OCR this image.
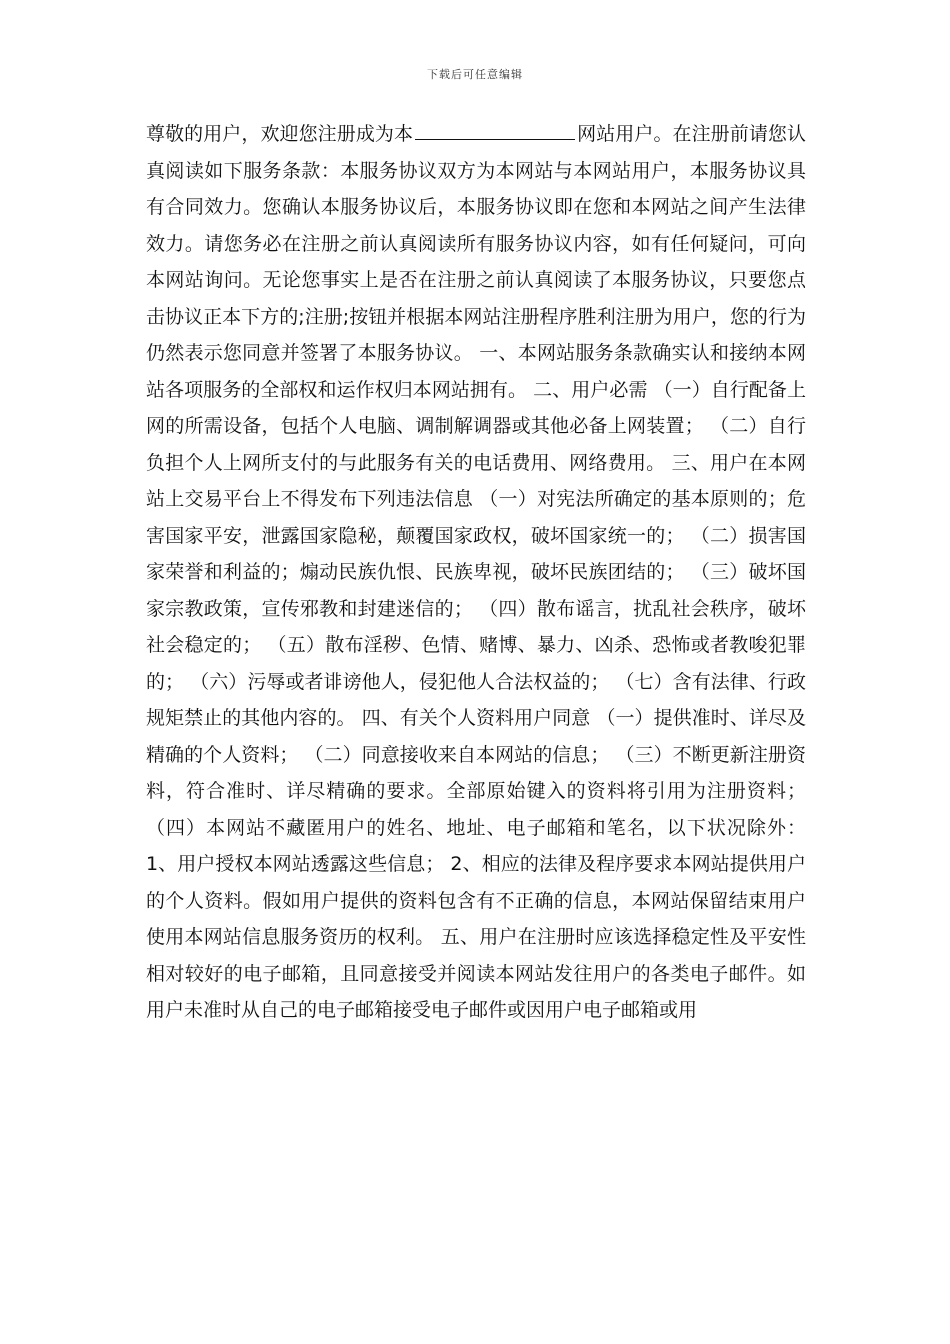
下载后可任意编辑
尊敬的用户，欢迎您注册成为本	网站用户。在注册前请您认真阅读如下服务条款：本服务协议双方为本网站与本网站用户，本服务协议具有合同效力。您确认本服务协议后，本服务协议即在您和本网站之间产生法律效力。请您务必在注册之前认真阅读所有服务协议内容，如有任何疑问，可向本网站询问。无论您事实上是否在注册之前认真阅读了本服务协议，只要您点击协议正本下方的;注册;按钮并根据本网站注册程序胜利注册为用户，您的行为仍然表示您同意并签署了本服务协议。 一、本网站服务条款确实认和接纳本网站各项服务的全部权和运作权归本网站拥有。 二、用户必需 （一）自行配备上网的所需设备，包括个人电脑、调制解调器或其他必备上网装置； （二）自行负担个人上网所支付的与此服务有关的电话费用、网络费用。 三、用户在本网站上交易平台上不得发布下列违法信息 （一）对宪法所确定的基本原则的；危害国家平安，泄露国家隐秘，颠覆国家政权，破坏国家统一的； （二）损害国家荣誉和利益的；煽动民族仇恨、民族卑视，破坏民族团结的； （三）破坏国家宗教政策，宣传邪教和封建迷信的； （四）散布谣言，扰乱社会秩序，破坏社会稳定的； （五）散布淫秽、色情、赌博、暴力、凶杀、恐怖或者教唆犯罪的； （六）污辱或者诽谤他人，侵犯他人合法权益的； （七）含有法律、行政规矩禁止的其他内容的。 四、有关个人资料用户同意 （一）提供准时、详尽及精确的个人资料； （二）同意接收来自本网站的信息； （三）不断更新注册资料，符合准时、详尽精确的要求。全部原始键入的资料将引用为注册资料； （四）本网站不藏匿用户的姓名、地址、电子邮箱和笔名，以下状况除外： 1、用户授权本网站透露这些信息； 2、相应的法律及程序要求本网站提供用户的个人资料。假如用户提供的资料包含有不正确的信息，本网站保留结束用户使用本网站信息服务资历的权利。 五、用户在注册时应该选择稳定性及平安性相对较好的电子邮箱，且同意接受并阅读本网站发往用户的各类电子邮件。如用户未准时从自己的电子邮箱接受电子邮件或因用户电子邮箱或用
